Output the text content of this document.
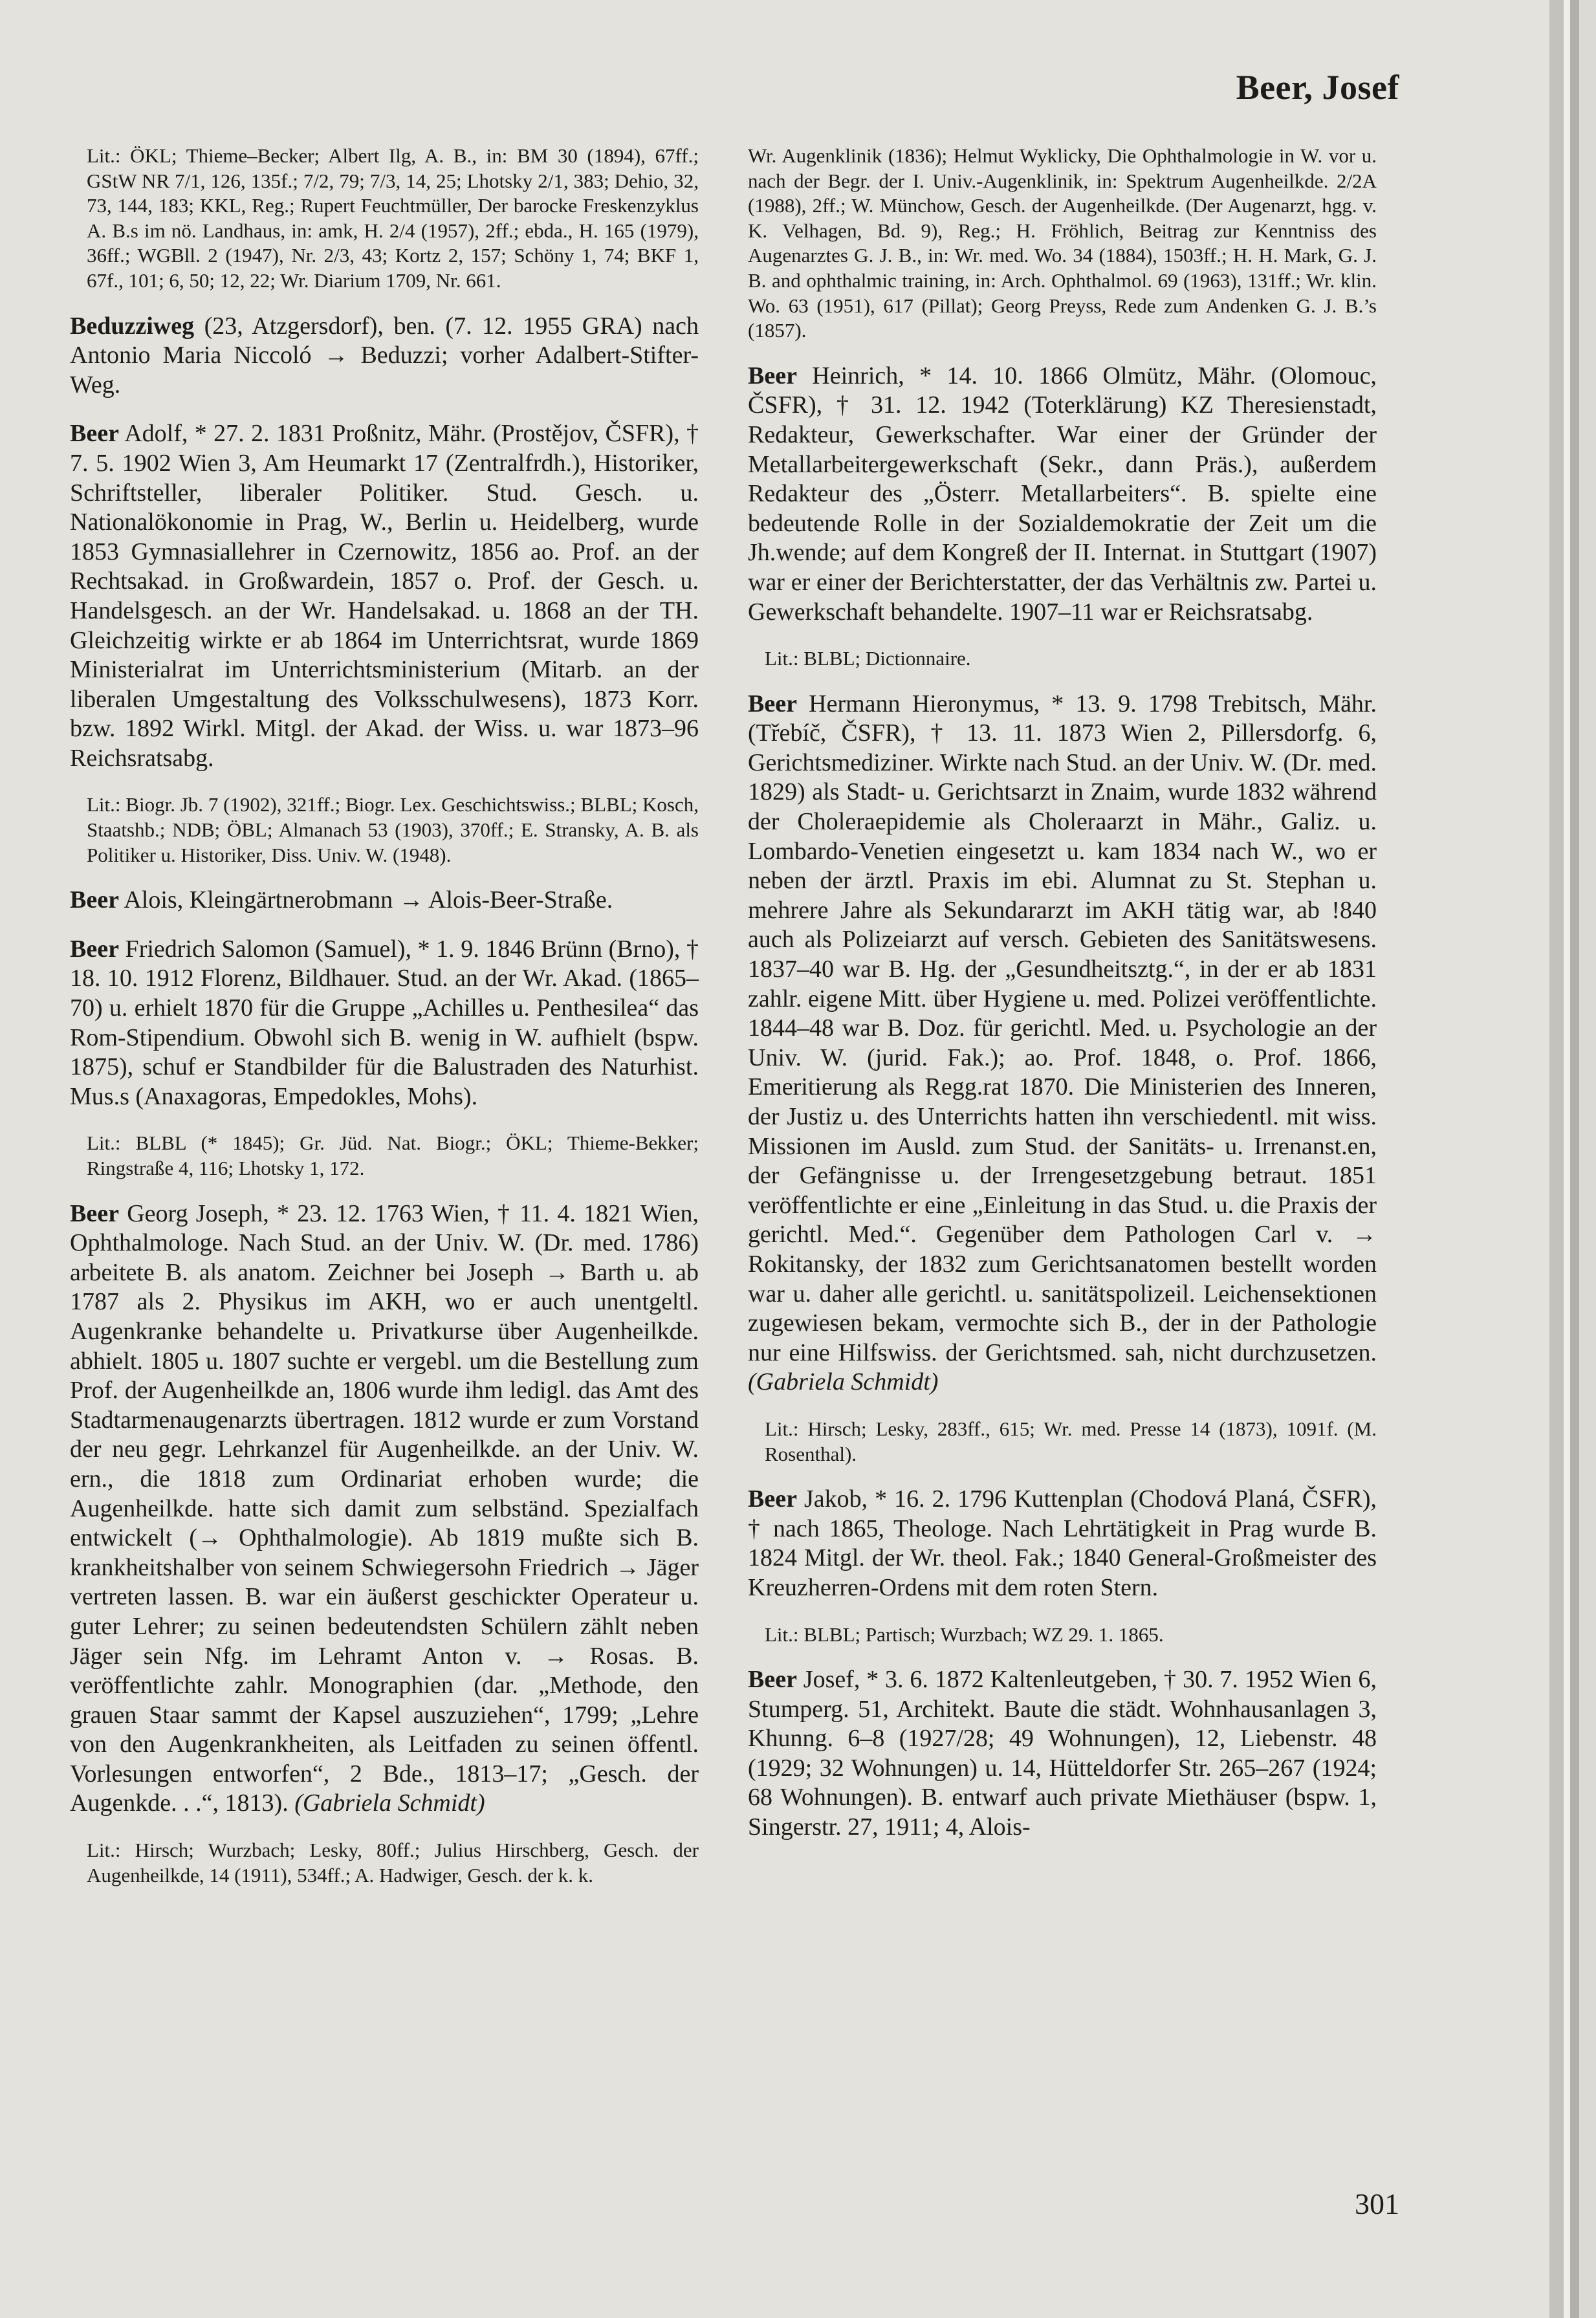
Beer, Josef

Lit.: ÖKL; Thieme–Becker; Albert Ilg, A. B., in: BM 30 (1894), 67ff.; GStW NR 7/1, 126, 135f.; 7/2, 79; 7/3, 14, 25; Lhotsky 2/1, 383; Dehio, 32, 73, 144, 183; KKL, Reg.; Rupert Feuchtmüller, Der barocke Freskenzyklus A. B.s im nö. Landhaus, in: amk, H. 2/4 (1957), 2ff.; ebda., H. 165 (1979), 36ff.; WGBll. 2 (1947), Nr. 2/3, 43; Kortz 2, 157; Schöny 1, 74; BKF 1, 67f., 101; 6, 50; 12, 22; Wr. Diarium 1709, Nr. 661.

Beduzziweg (23, Atzgersdorf), ben. (7. 12. 1955 GRA) nach Antonio Maria Niccoló → Beduzzi; vorher Adalbert-Stifter-Weg.

Beer Adolf, * 27. 2. 1831 Proßnitz, Mähr. (Prostějov, ČSFR), † 7. 5. 1902 Wien 3, Am Heumarkt 17 (Zentralfrdh.), Historiker, Schriftsteller, liberaler Politiker. Stud. Gesch. u. Nationalökonomie in Prag, W., Berlin u. Heidelberg, wurde 1853 Gymnasiallehrer in Czernowitz, 1856 ao. Prof. an der Rechtsakad. in Großwardein, 1857 o. Prof. der Gesch. u. Handelsgesch. an der Wr. Handelsakad. u. 1868 an der TH. Gleichzeitig wirkte er ab 1864 im Unterrichtsrat, wurde 1869 Ministerialrat im Unterrichtsministerium (Mitarb. an der liberalen Umgestaltung des Volksschulwesens), 1873 Korr. bzw. 1892 Wirkl. Mitgl. der Akad. der Wiss. u. war 1873–96 Reichsratsabg.

Lit.: Biogr. Jb. 7 (1902), 321ff.; Biogr. Lex. Geschichtswiss.; BLBL; Kosch, Staatshb.; NDB; ÖBL; Almanach 53 (1903), 370ff.; E. Stransky, A. B. als Politiker u. Historiker, Diss. Univ. W. (1948).

Beer Alois, Kleingärtnerobmann → Alois-Beer-Straße.

Beer Friedrich Salomon (Samuel), * 1. 9. 1846 Brünn (Brno), † 18. 10. 1912 Florenz, Bildhauer. Stud. an der Wr. Akad. (1865–70) u. erhielt 1870 für die Gruppe „Achilles u. Penthesilea“ das Rom-Stipendium. Obwohl sich B. wenig in W. aufhielt (bspw. 1875), schuf er Standbilder für die Balustraden des Naturhist. Mus.s (Anaxagoras, Empedokles, Mohs).

Lit.: BLBL (* 1845); Gr. Jüd. Nat. Biogr.; ÖKL; Thieme-Bekker; Ringstraße 4, 116; Lhotsky 1, 172.

Beer Georg Joseph, * 23. 12. 1763 Wien, † 11. 4. 1821 Wien, Ophthalmologe. Nach Stud. an der Univ. W. (Dr. med. 1786) arbeitete B. als anatom. Zeichner bei Joseph → Barth u. ab 1787 als 2. Physikus im AKH, wo er auch unentgeltl. Augenkranke behandelte u. Privatkurse über Augenheilkde. abhielt. 1805 u. 1807 suchte er vergebl. um die Bestellung zum Prof. der Augenheilkde an, 1806 wurde ihm ledigl. das Amt des Stadtarmenaugenarzts übertragen. 1812 wurde er zum Vorstand der neu gegr. Lehrkanzel für Augenheilkde. an der Univ. W. ern., die 1818 zum Ordinariat erhoben wurde; die Augenheilkde. hatte sich damit zum selbständ. Spezialfach entwickelt (→ Ophthalmologie). Ab 1819 mußte sich B. krankheitshalber von seinem Schwiegersohn Friedrich → Jäger vertreten lassen. B. war ein äußerst geschickter Operateur u. guter Lehrer; zu seinen bedeutendsten Schülern zählt neben Jäger sein Nfg. im Lehramt Anton v. → Rosas. B. veröffentlichte zahlr. Monographien (dar. „Methode, den grauen Staar sammt der Kapsel auszuziehen“, 1799; „Lehre von den Augenkrankheiten, als Leitfaden zu seinen öffentl. Vorlesungen entworfen“, 2 Bde., 1813–17; „Gesch. der Augenkde. . .“, 1813). (Gabriela Schmidt)

Lit.: Hirsch; Wurzbach; Lesky, 80ff.; Julius Hirschberg, Gesch. der Augenheilkde, 14 (1911), 534ff.; A. Hadwiger, Gesch. der k. k.

Wr. Augenklinik (1836); Helmut Wyklicky, Die Ophthalmologie in W. vor u. nach der Begr. der I. Univ.-Augenklinik, in: Spektrum Augenheilkde. 2/2A (1988), 2ff.; W. Münchow, Gesch. der Augenheilkde. (Der Augenarzt, hgg. v. K. Velhagen, Bd. 9), Reg.; H. Fröhlich, Beitrag zur Kenntniss des Augenarztes G. J. B., in: Wr. med. Wo. 34 (1884), 1503ff.; H. H. Mark, G. J. B. and ophthalmic training, in: Arch. Ophthalmol. 69 (1963), 131ff.; Wr. klin. Wo. 63 (1951), 617 (Pillat); Georg Preyss, Rede zum Andenken G. J. B.’s (1857).

Beer Heinrich, * 14. 10. 1866 Olmütz, Mähr. (Olomouc, ČSFR), † 31. 12. 1942 (Toterklärung) KZ Theresienstadt, Redakteur, Gewerkschafter. War einer der Gründer der Metallarbeitergewerkschaft (Sekr., dann Präs.), außerdem Redakteur des „Österr. Metallarbeiters“. B. spielte eine bedeutende Rolle in der Sozialdemokratie der Zeit um die Jh.wende; auf dem Kongreß der II. Internat. in Stuttgart (1907) war er einer der Berichterstatter, der das Verhältnis zw. Partei u. Gewerkschaft behandelte. 1907–11 war er Reichsratsabg.

Lit.: BLBL; Dictionnaire.

Beer Hermann Hieronymus, * 13. 9. 1798 Trebitsch, Mähr. (Třebíč, ČSFR), † 13. 11. 1873 Wien 2, Pillersdorfg. 6, Gerichtsmediziner. Wirkte nach Stud. an der Univ. W. (Dr. med. 1829) als Stadt- u. Gerichtsarzt in Znaim, wurde 1832 während der Choleraepidemie als Choleraarzt in Mähr., Galiz. u. Lombardo-Venetien eingesetzt u. kam 1834 nach W., wo er neben der ärztl. Praxis im ebi. Alumnat zu St. Stephan u. mehrere Jahre als Sekundararzt im AKH tätig war, ab !840 auch als Polizeiarzt auf versch. Gebieten des Sanitätswesens. 1837–40 war B. Hg. der „Gesundheitsztg.“, in der er ab 1831 zahlr. eigene Mitt. über Hygiene u. med. Polizei veröffentlichte. 1844–48 war B. Doz. für gerichtl. Med. u. Psychologie an der Univ. W. (jurid. Fak.); ao. Prof. 1848, o. Prof. 1866, Emeritierung als Regg.rat 1870. Die Ministerien des Inneren, der Justiz u. des Unterrichts hatten ihn verschiedentl. mit wiss. Missionen im Ausld. zum Stud. der Sanitäts- u. Irrenanst.en, der Gefängnisse u. der Irrengesetzgebung betraut. 1851 veröffentlichte er eine „Einleitung in das Stud. u. die Praxis der gerichtl. Med.“. Gegenüber dem Pathologen Carl v. → Rokitansky, der 1832 zum Gerichtsanatomen bestellt worden war u. daher alle gerichtl. u. sanitätspolizeil. Leichensektionen zugewiesen bekam, vermochte sich B., der in der Pathologie nur eine Hilfswiss. der Gerichtsmed. sah, nicht durchzusetzen. (Gabriela Schmidt)

Lit.: Hirsch; Lesky, 283ff., 615; Wr. med. Presse 14 (1873), 1091f. (M. Rosenthal).

Beer Jakob, * 16. 2. 1796 Kuttenplan (Chodová Planá, ČSFR), † nach 1865, Theologe. Nach Lehrtätigkeit in Prag wurde B. 1824 Mitgl. der Wr. theol. Fak.; 1840 General-Großmeister des Kreuzherren-Ordens mit dem roten Stern.

Lit.: BLBL; Partisch; Wurzbach; WZ 29. 1. 1865.

Beer Josef, * 3. 6. 1872 Kaltenleutgeben, † 30. 7. 1952 Wien 6, Stumperg. 51, Architekt. Baute die städt. Wohnhausanlagen 3, Khunng. 6–8 (1927/28; 49 Wohnungen), 12, Liebenstr. 48 (1929; 32 Wohnungen) u. 14, Hütteldorfer Str. 265–267 (1924; 68 Wohnungen). B. entwarf auch private Miethäuser (bspw. 1, Singerstr. 27, 1911; 4, Alois-

301
